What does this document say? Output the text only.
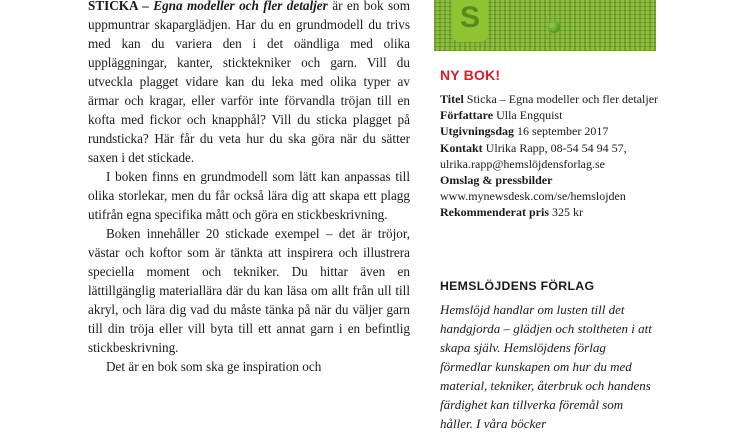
STICKA – Egna modeller och fler detaljer är en bok som uppmuntrar skaparglädjen. Har du en grundmodell du trivs med kan du variera den i det oändliga med olika uppläggningar, kanter, sticktekniker och garn. Vill du utveckla plagget vidare kan du leka med olika typer av ärmar och kragar, eller varför inte förvandla tröjan till en kofta med fickor och knapphål? Vill du sticka plagget på rundsticka? Här får du veta hur du ska göra när du sätter saxen i det stickade.

I boken finns en grundmodell som lätt kan anpassas till olika storlekar, men du får också lära dig att skapa ett plagg utifrån egna specifika mått och göra en stickbeskrivning.

Boken innehåller 20 stickade exempel – det är tröjor, västar och koftor som är tänkta att inspirera och illustrera speciella moment och tekniker. Du hittar även en lättillgänglig materiallära där du kan läsa om allt från ull till akryl, och lära dig vad du måste tänka på när du väljer garn till din tröja eller vill byta till ett annat garn i en befintlig stickbeskrivning.

Det är en bok som ska ge inspiration och

S
NY BOK!
Titel Sticka – Egna modeller och fler detaljer
Författare Ulla Engquist
Utgivningsdag 16 september 2017
Kontakt Ulrika Rapp, 08-54 54 94 57, ulrika.rapp@hemslöjdensforlag.se
Omslag & pressbilder
www.mynewsdesk.com/se/hemslojden
Rekommenderat pris 325 kr
HEMSLÖJDENS FÖRLAG
Hemslöjd handlar om lusten till det handgjorda – glädjen och stoltheten i att skapa själv. Hemslöjdens förlag förmedlar kunskapen om hur du med material, tekniker, återbruk och handens färdighet kan tillverka föremål som håller. I våra böcker
